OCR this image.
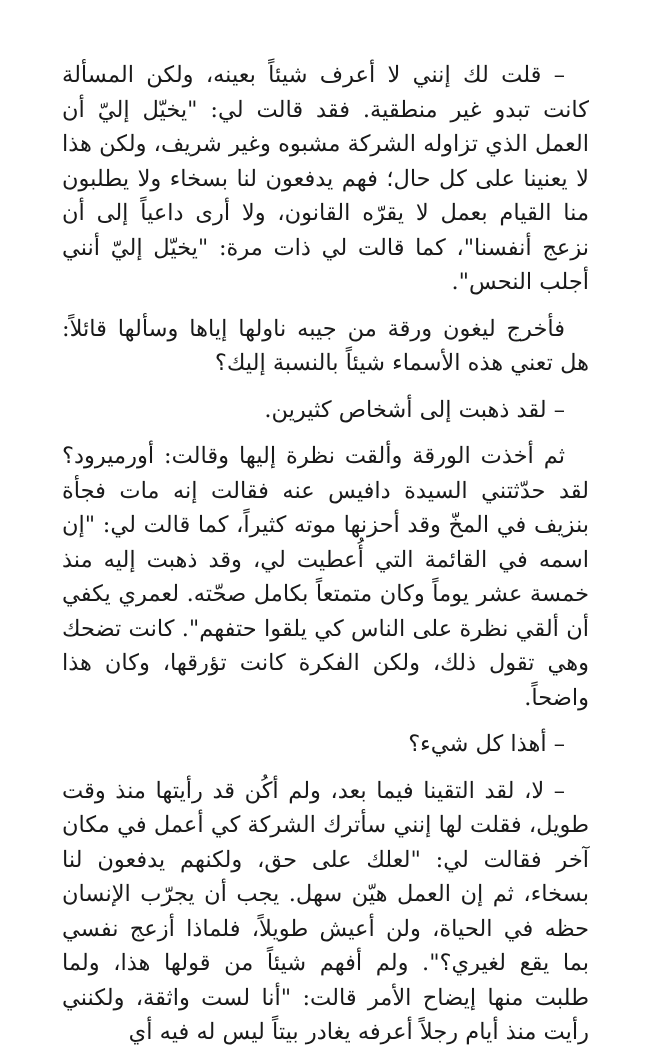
– قلت لك إنني لا أعرف شيئاً بعينه، ولكن المسألة كانت تبدو غير منطقية. فقد قالت لي: "يخيّل إليّ أن العمل الذي تزاوله الشركة مشبوه وغير شريف، ولكن هذا لا يعنينا على كل حال؛ فهم يدفعون لنا بسخاء ولا يطلبون منا القيام بعمل لا يقرّه القانون، ولا أرى داعياً إلى أن نزعج أنفسنا"، كما قالت لي ذات مرة: "يخيّل إليّ أنني أجلب النحس".

فأخرج ليغون ورقة من جيبه ناولها إياها وسألها قائلاً: هل تعني هذه الأسماء شيئاً بالنسبة إليك؟

– لقد ذهبت إلى أشخاص كثيرين.

ثم أخذت الورقة وألقت نظرة إليها وقالت: أورميرود؟ لقد حدّثتني السيدة دافيس عنه فقالت إنه مات فجأة بنزيف في المخّ وقد أحزنها موته كثيراً، كما قالت لي: "إن اسمه في القائمة التي أُعطيت لي، وقد ذهبت إليه منذ خمسة عشر يوماً وكان متمتعاً بكامل صحّته. لعمري يكفي أن ألقي نظرة على الناس كي يلقوا حتفهم". كانت تضحك وهي تقول ذلك، ولكن الفكرة كانت تؤرقها، وكان هذا واضحاً.

– أهذا كل شيء؟

– لا، لقد التقينا فيما بعد، ولم أكُن قد رأيتها منذ وقت طويل، فقلت لها إنني سأترك الشركة كي أعمل في مكان آخر فقالت لي: "لعلك على حق، ولكنهم يدفعون لنا بسخاء، ثم إن العمل هيّن سهل. يجب أن يجرّب الإنسان حظه في الحياة، ولن أعيش طويلاً، فلماذا أزعج نفسي بما يقع لغيري؟". ولم أفهم شيئاً من قولها هذا، ولما طلبت منها إيضاح الأمر قالت: "أنا لست واثقة، ولكنني رأيت منذ أيام رجلاً أعرفه يغادر بيتاً ليس له فيه أي
